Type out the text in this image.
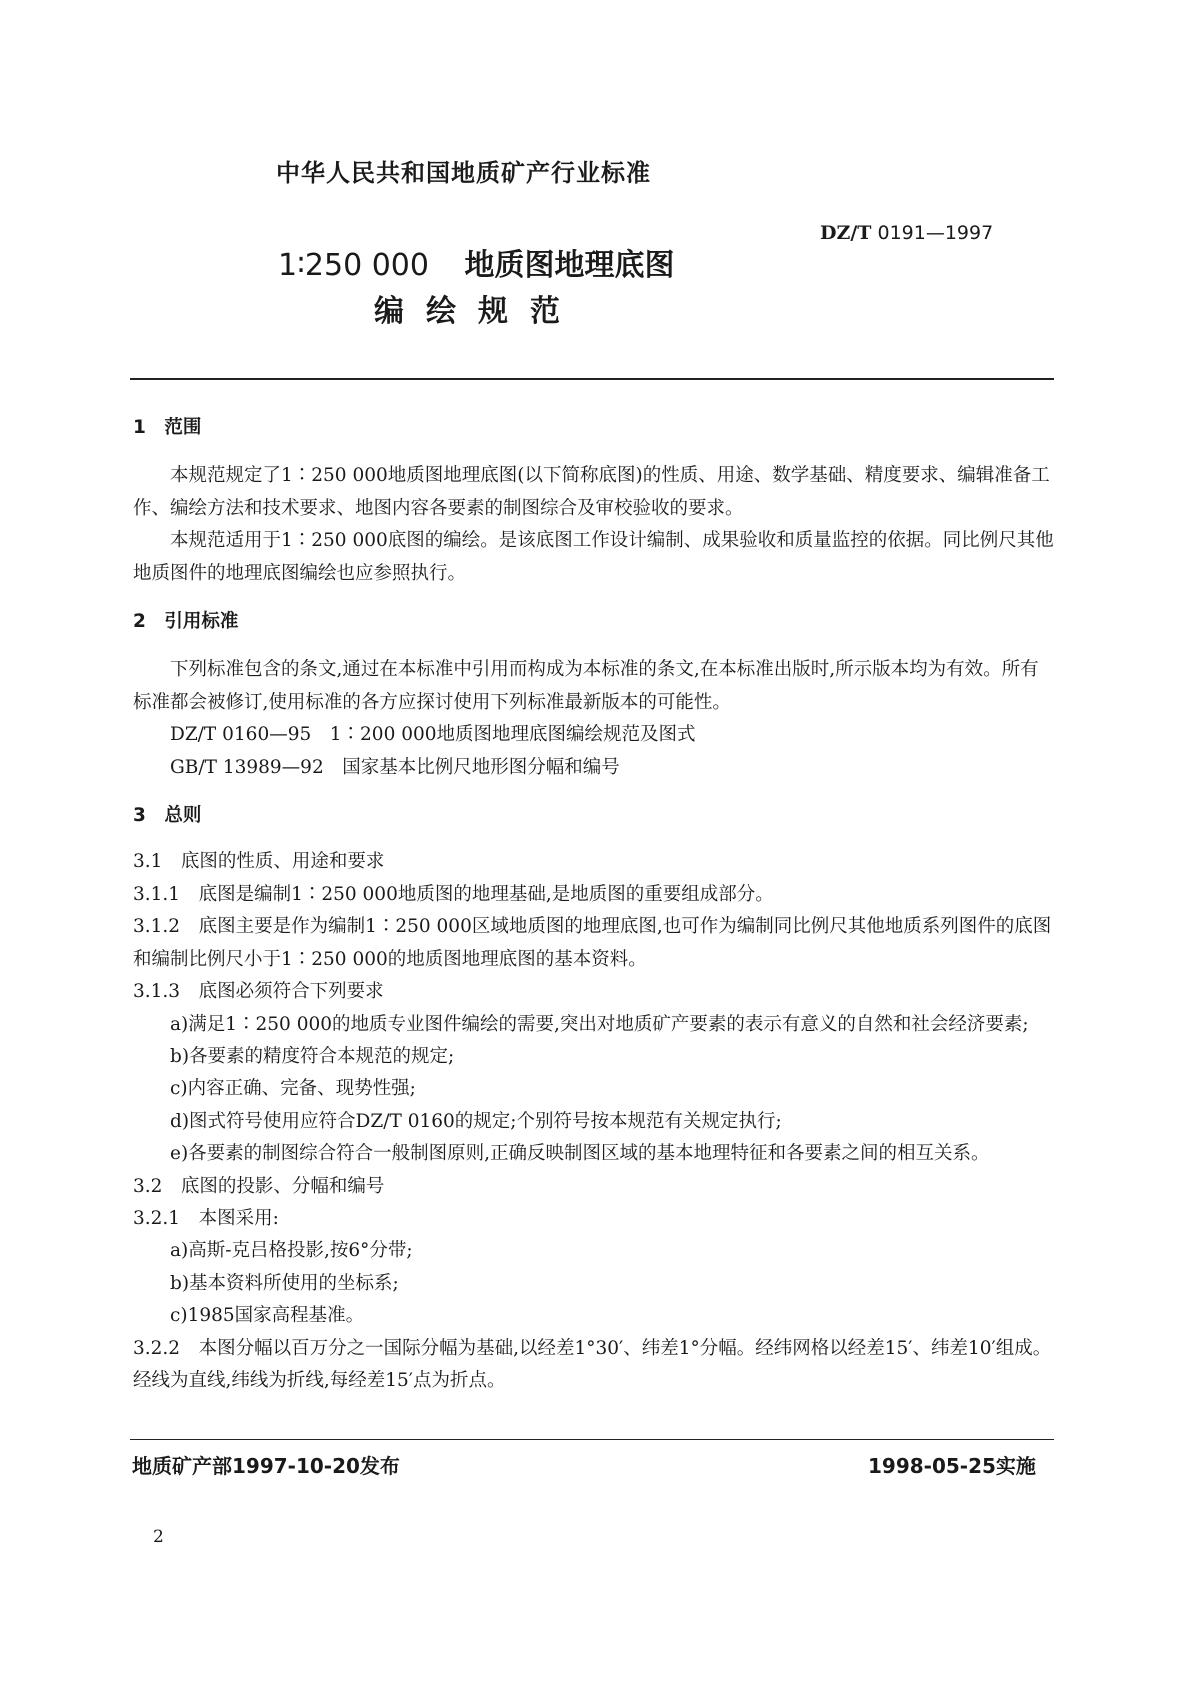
中华人民共和国地质矿产行业标准
DZ/T 0191—1997
1∶250 000 地质图地理底图
编绘规范

1　范围

本规范规定了1∶250 000地质图地理底图(以下简称底图)的性质、用途、数学基础、精度要求、编辑准备工作、编绘方法和技术要求、地图内容各要素的制图综合及审校验收的要求。

本规范适用于1∶250 000底图的编绘。是该底图工作设计编制、成果验收和质量监控的依据。同比例尺其他地质图件的地理底图编绘也应参照执行。

2　引用标准

下列标准包含的条文,通过在本标准中引用而构成为本标准的条文,在本标准出版时,所示版本均为有效。所有标准都会被修订,使用标准的各方应探讨使用下列标准最新版本的可能性。

DZ/T 0160—95　1∶200 000地质图地理底图编绘规范及图式

GB/T 13989—92　国家基本比例尺地形图分幅和编号

3　总则

3.1　底图的性质、用途和要求

3.1.1　底图是编制1∶250 000地质图的地理基础,是地质图的重要组成部分。

3.1.2　底图主要是作为编制1∶250 000区域地质图的地理底图,也可作为编制同比例尺其他地质系列图件的底图和编制比例尺小于1∶250 000的地质图地理底图的基本资料。

3.1.3　底图必须符合下列要求

a)满足1∶250 000的地质专业图件编绘的需要,突出对地质矿产要素的表示有意义的自然和社会经济要素;

b)各要素的精度符合本规范的规定;

c)内容正确、完备、现势性强;

d)图式符号使用应符合DZ/T 0160的规定;个别符号按本规范有关规定执行;

e)各要素的制图综合符合一般制图原则,正确反映制图区域的基本地理特征和各要素之间的相互关系。

3.2　底图的投影、分幅和编号

3.2.1　本图采用:

a)高斯-克吕格投影,按6°分带;

b)基本资料所使用的坐标系;

c)1985国家高程基准。

3.2.2　本图分幅以百万分之一国际分幅为基础,以经差1°30′、纬差1°分幅。经纬网格以经差15′、纬差10′组成。经线为直线,纬线为折线,每经差15′点为折点。

地质矿产部1997-10-20发布	1998-05-25实施
2
